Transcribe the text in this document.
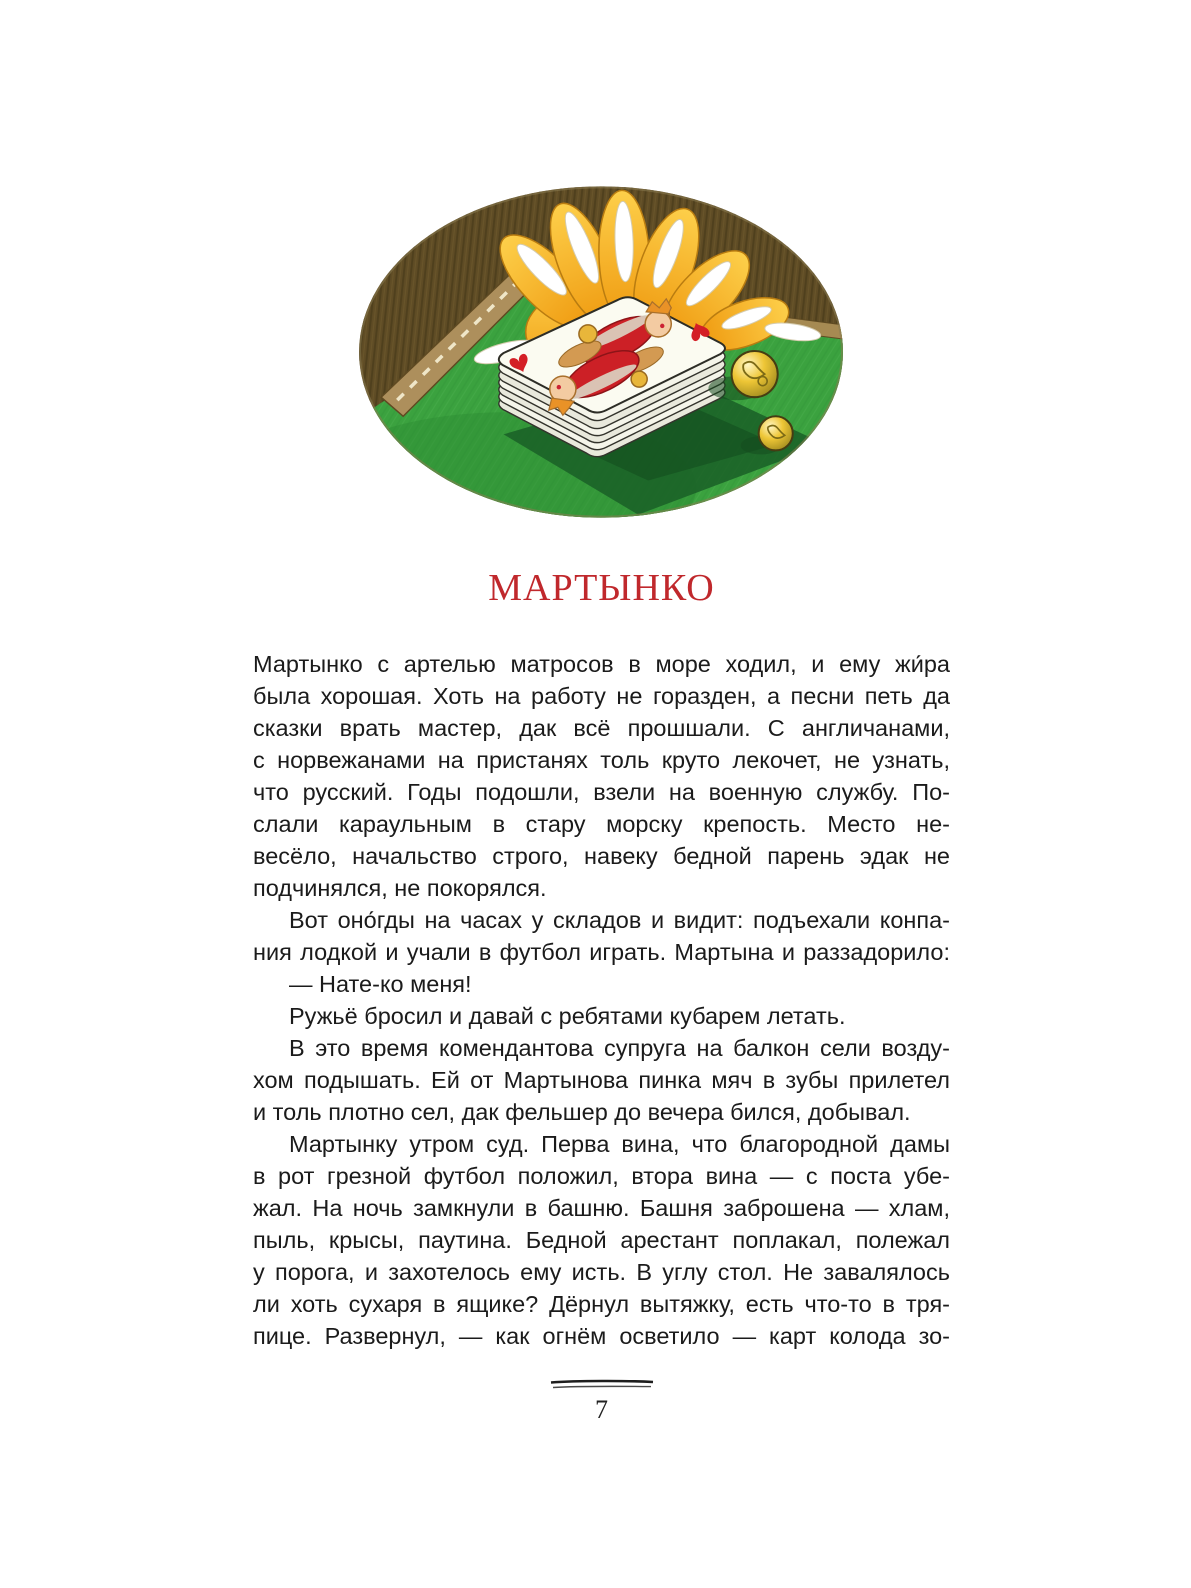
МАРТЫНКО
Мартынко с артелью матросов в море ходил, и ему жи́ра
была хорошая. Хоть на работу не горазден, а песни петь да
сказки врать мастер, дак всё прошшали. С англичанами,
с норвежанами на пристанях толь круто лекочет, не узнать,
что русский. Годы подошли, взели на военную службу. По-
слали караульным в стару морску крепость. Место не-
весёло, начальство строго, навеку бедной парень эдак не
подчинялся, не покорялся.
Вот оно́гды на часах у складов и видит: подъехали конпа-
ния лодкой и учали в футбол играть. Мартына и раззадорило:
— Нате-ко меня!
Ружьё бросил и давай с ребятами кубарем летать.
В это время комендантова супруга на балкон сели возду-
хом подышать. Ей от Мартынова пинка мяч в зубы прилетел
и толь плотно сел, дак фельшер до вечера бился, добывал.
Мартынку утром суд. Перва вина, что благородной дамы
в рот грезной футбол положил, втора вина — с поста убе-
жал. На ночь замкнули в башню. Башня заброшена — хлам,
пыль, крысы, паутина. Бедной арестант поплакал, полежал
у порога, и захотелось ему исть. В углу стол. Не завалялось
ли хоть сухаря в ящике? Дёрнул вытяжку, есть что-то в тря-
пице. Развернул, — как огнём осветило — карт колода зо-
7
